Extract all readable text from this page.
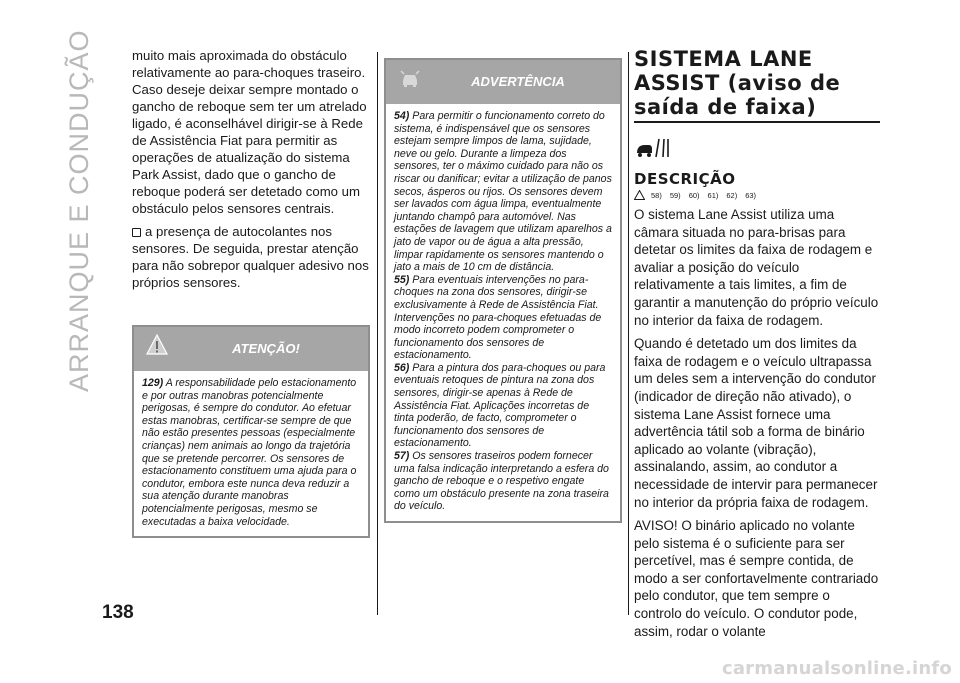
ARRANQUE E CONDUÇÃO
138

muito mais aproximada do obstáculo relativamente ao para-choques traseiro. Caso deseje deixar sempre montado o gancho de reboque sem ter um atrelado ligado, é aconselhável dirigir-se à Rede de Assistência Fiat para permitir as operações de atualização do sistema Park Assist, dado que o gancho de reboque poderá ser detetado como um obstáculo pelos sensores centrais.

a presença de autocolantes nos sensores. De seguida, prestar atenção para não sobrepor qualquer adesivo nos próprios sensores.

ATENÇÃO!

129) A responsabilidade pelo estacionamento e por outras manobras potencialmente perigosas, é sempre do condutor. Ao efetuar estas manobras, certificar-se sempre de que não estão presentes pessoas (especialmente crianças) nem animais ao longo da trajetória que se pretende percorrer. Os sensores de estacionamento constituem uma ajuda para o condutor, embora este nunca deva reduzir a sua atenção durante manobras potencialmente perigosas, mesmo se executadas a baixa velocidade.

ADVERTÊNCIA

54) Para permitir o funcionamento correto do sistema, é indispensável que os sensores estejam sempre limpos de lama, sujidade, neve ou gelo. Durante a limpeza dos sensores, ter o máximo cuidado para não os riscar ou danificar; evitar a utilização de panos secos, ásperos ou rijos. Os sensores devem ser lavados com água limpa, eventualmente juntando champô para automóvel. Nas estações de lavagem que utilizam aparelhos a jato de vapor ou de água a alta pressão, limpar rapidamente os sensores mantendo o jato a mais de 10 cm de distância.

55) Para eventuais intervenções no para-choques na zona dos sensores, dirigir-se exclusivamente à Rede de Assistência Fiat. Intervenções no para-choques efetuadas de modo incorreto podem comprometer o funcionamento dos sensores de estacionamento.

56) Para a pintura dos para-choques ou para eventuais retoques de pintura na zona dos sensores, dirigir-se apenas à Rede de Assistência Fiat. Aplicações incorretas de tinta poderão, de facto, comprometer o funcionamento dos sensores de estacionamento.

57) Os sensores traseiros podem fornecer uma falsa indicação interpretando a esfera do gancho de reboque e o respetivo engate como um obstáculo presente na zona traseira do veículo.

SISTEMA LANE ASSIST (aviso de saída de faixa)
DESCRIÇÃO
58) 59) 60) 61) 62) 63)

O sistema Lane Assist utiliza uma câmara situada no para-brisas para detetar os limites da faixa de rodagem e avaliar a posição do veículo relativamente a tais limites, a fim de garantir a manutenção do próprio veículo no interior da faixa de rodagem.

Quando é detetado um dos limites da faixa de rodagem e o veículo ultrapassa um deles sem a intervenção do condutor (indicador de direção não ativado), o sistema Lane Assist fornece uma advertência tátil sob a forma de binário aplicado ao volante (vibração), assinalando, assim, ao condutor a necessidade de intervir para permanecer no interior da própria faixa de rodagem.

AVISO! O binário aplicado no volante pelo sistema é o suficiente para ser percetível, mas é sempre contida, de modo a ser confortavelmente contrariado pelo condutor, que tem sempre o controlo do veículo. O condutor pode, assim, rodar o volante

carmanualsonline.info
